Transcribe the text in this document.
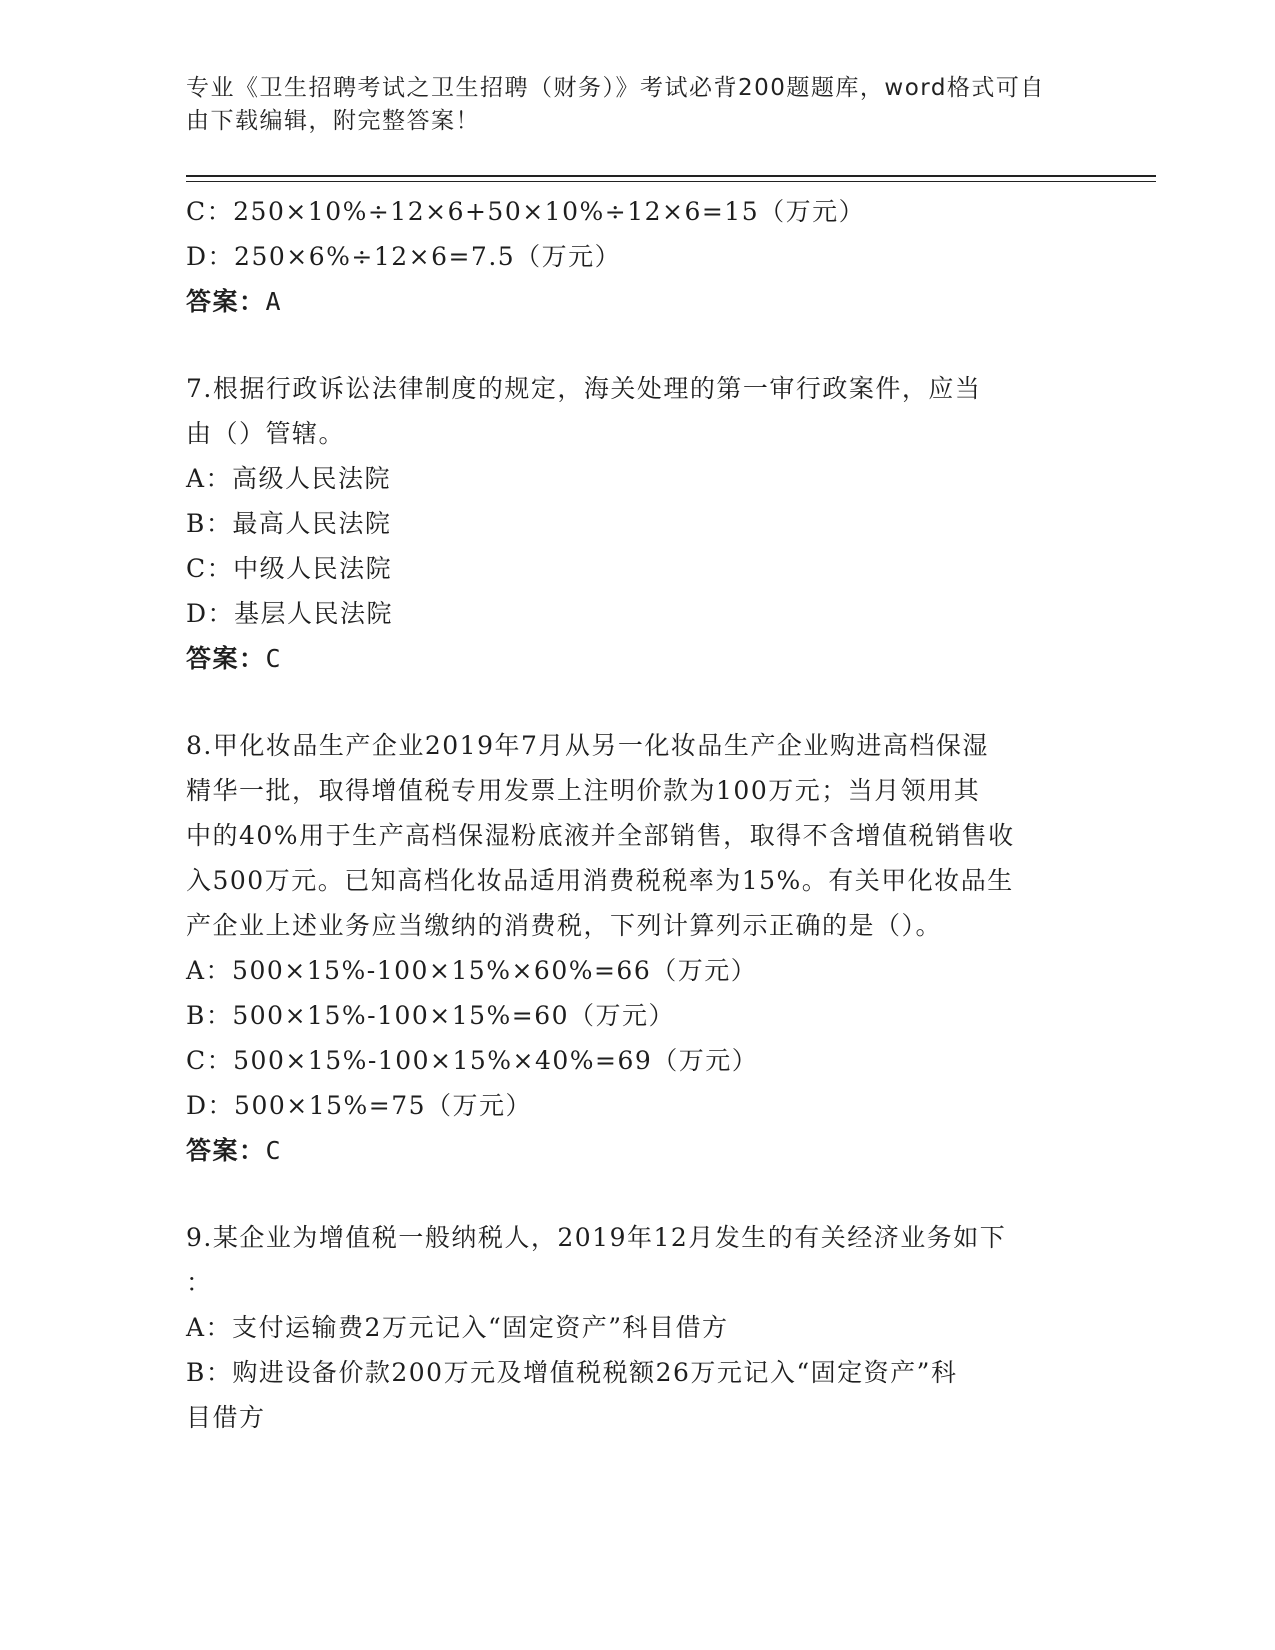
专业《卫生招聘考试之卫生招聘（财务）》考试必背200题题库，word格式可自
由下载编辑，附完整答案！
C：250×10%÷12×6+50×10%÷12×6=15（万元）
D：250×6%÷12×6=7.5（万元）
答案：A
7.根据行政诉讼法律制度的规定，海关处理的第一审行政案件，应当
由（）管辖。
A：高级人民法院
B：最高人民法院
C：中级人民法院
D：基层人民法院
答案：C
8.甲化妆品生产企业2019年7月从另一化妆品生产企业购进高档保湿
精华一批，取得增值税专用发票上注明价款为100万元；当月领用其
中的40%用于生产高档保湿粉底液并全部销售，取得不含增值税销售收
入500万元。已知高档化妆品适用消费税税率为15%。有关甲化妆品生
产企业上述业务应当缴纳的消费税，下列计算列示正确的是（）。
A：500×15%-100×15%×60%=66（万元）
B：500×15%-100×15%=60（万元）
C：500×15%-100×15%×40%=69（万元）
D：500×15%=75（万元）
答案：C
9.某企业为增值税一般纳税人，2019年12月发生的有关经济业务如下
：
A：支付运输费2万元记入“固定资产”科目借方
B：购进设备价款200万元及增值税税额26万元记入“固定资产”科
目借方
